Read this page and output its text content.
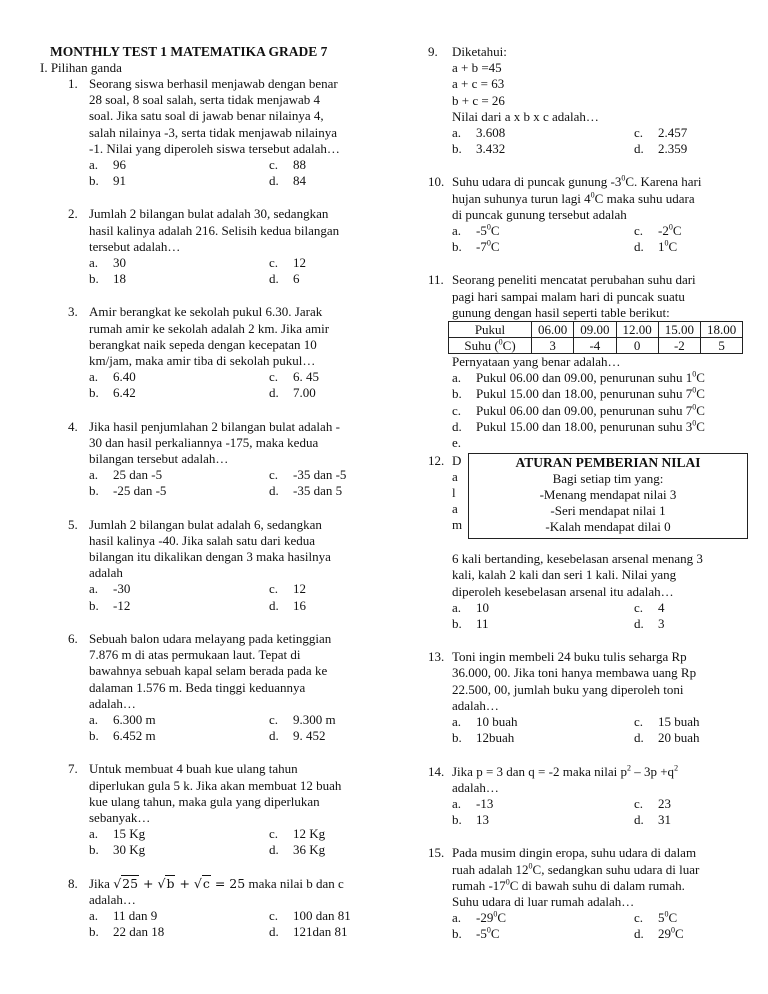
MONTHLY TEST 1 MATEMATIKA GRADE 7
I. Pilihan ganda
1. Seorang siswa berhasil menjawab dengan benar
28 soal, 8 soal salah, serta tidak menjawab 4
soal. Jika satu soal di jawab benar nilainya 4,
salah nilainya -3, serta tidak menjawab nilainya
-1. Nilai yang diperoleh siswa tersebut adalah…
a. 96	c. 88
b. 91	d. 84
2. Jumlah 2 bilangan bulat adalah 30, sedangkan
hasil kalinya adalah 216. Selisih kedua bilangan
tersebut adalah…
a. 30	c. 12
b. 18	d. 6
3. Amir berangkat ke sekolah pukul 6.30. Jarak
rumah amir ke sekolah adalah 2 km. Jika amir
berangkat naik sepeda dengan kecepatan 10
km/jam, maka amir tiba di sekolah pukul…
a. 6.40	c. 6. 45
b. 6.42	d. 7.00
4. Jika hasil penjumlahan 2 bilangan bulat adalah -
30 dan hasil perkaliannya -175, maka kedua
bilangan tersebut adalah…
a. 25 dan -5	c. -35 dan -5
b. -25 dan -5	d. -35 dan 5
5. Jumlah 2 bilangan bulat adalah 6, sedangkan
hasil kalinya -40. Jika salah satu dari kedua
bilangan itu dikalikan dengan 3 maka hasilnya
adalah
a. -30	c. 12
b. -12	d. 16
6. Sebuah balon udara melayang pada ketinggian
7.876 m di atas permukaan laut. Tepat di
bawahnya sebuah kapal selam berada pada ke
dalaman 1.576 m. Beda tinggi keduannya
adalah…
a. 6.300 m	c. 9.300 m
b. 6.452 m	d. 9. 452
7. Untuk membuat 4 buah kue ulang tahun
diperlukan gula 5 k. Jika akan membuat 12 buah
kue ulang tahun, maka gula yang diperlukan
sebanyak…
a. 15 Kg	c. 12 Kg
b. 30 Kg	d. 36 Kg
8. Jika √25 + √b + √c = 25 maka nilai b dan c
adalah…
a. 11 dan 9	c. 100 dan 81
b. 22 dan 18	d. 121dan 81
9. Diketahui:
a + b =45
a + c = 63
b + c = 26
Nilai dari a x b x c adalah…
a. 3.608	c. 2.457
b. 3.432	d. 2.359
10. Suhu udara di puncak gunung $-3^0C$. Karena hari
hujan suhunya turun lagi $4^0C$ maka suhu udara
di puncak gunung tersebut adalah
a. $-5^0C$	c. $-2^0C$
b. $-7^0C$	d. $1^0C$
11. Seorang peneliti mencatat perubahan suhu dari
pagi hari sampai malam hari di puncak suatu
gunung dengan hasil seperti table berikut:
Pukul	06.00	09.00	12.00	15.00	18.00
Suhu ($^0$C)	3	-4	0	-2	5
Pernyataan yang benar adalah…
a. Pukul 06.00 dan 09.00, penurunan suhu $1^0C$
b. Pukul 15.00 dan 18.00, penurunan suhu $7^0C$
c. Pukul 06.00 dan 09.00, penurunan suhu $7^0C$
d. Pukul 15.00 dan 18.00, penurunan suhu $3^0C$
e.
12. D
a
l
a
m
ATURAN PEMBERIAN NILAI
Bagi setiap tim yang:
-Menang mendapat nilai 3
-Seri mendapat nilai 1
-Kalah mendapat dilai 0
6 kali bertanding, kesebelasan arsenal menang 3
kali, kalah 2 kali dan seri 1 kali. Nilai yang
diperoleh kesebelasan arsenal itu adalah…
a. 10	c. 4
b. 11	d. 3
13. Toni ingin membeli 24 buku tulis seharga Rp
36.000, 00. Jika toni hanya membawa uang Rp
22.500, 00, jumlah buku yang diperoleh toni
adalah…
a. 10 buah	c. 15 buah
b. 12buah	d. 20 buah
14. Jika p = 3 dan q = -2 maka nilai $p^2 - 3p +q^2$
adalah…
a. -13	c. 23
b. 13	d. 31
15. Pada musim dingin eropa, suhu udara di dalam
ruah adalah $12^0C$, sedangkan suhu udara di luar
rumah $-17^0C$ di bawah suhu di dalam rumah.
Suhu udara di luar rumah adalah…
a. $-29^0C$	c. $5^0C$
b. $-5^0C$	d. $29^0C$
